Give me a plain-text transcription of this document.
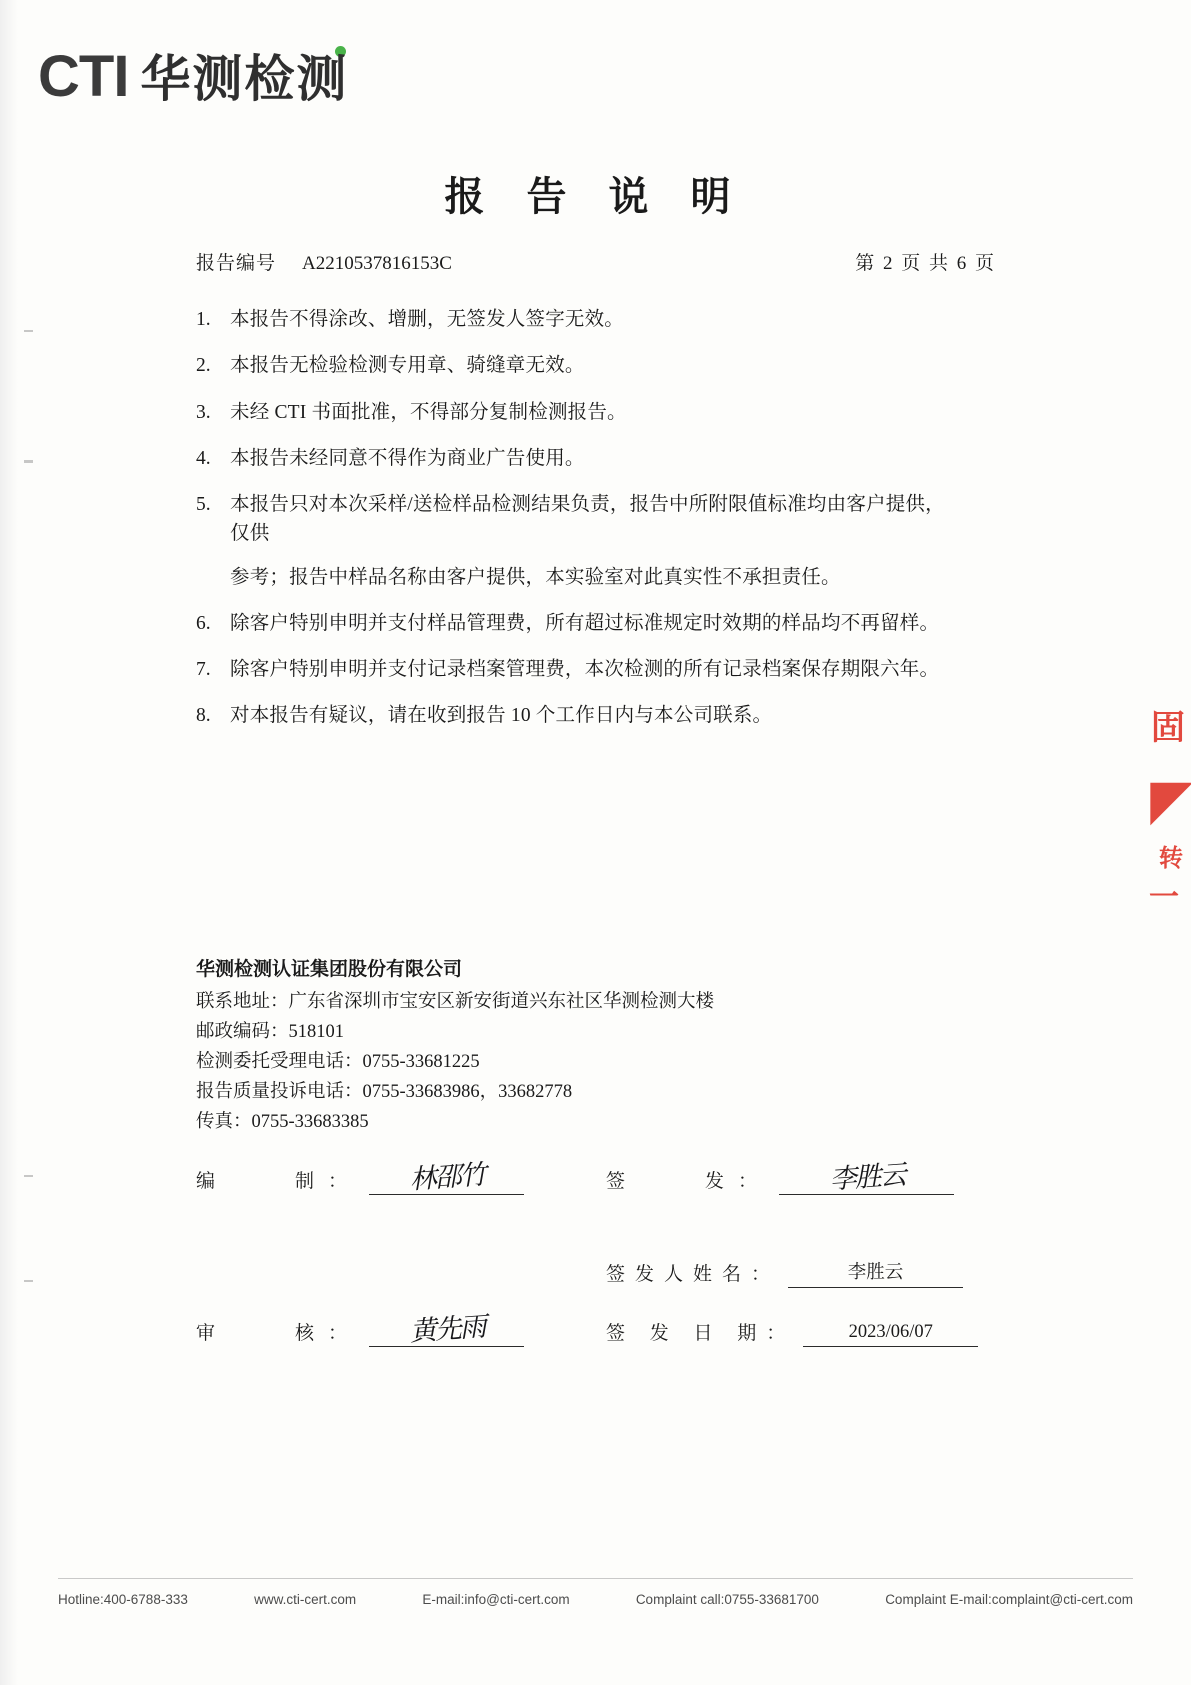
CTI 华测检测
报 告 说 明
报告编号 A2210537816153C	第 2 页 共 6 页
1. 本报告不得涂改、增删，无签发人签字无效。
2. 本报告无检验检测专用章、骑缝章无效。
3. 未经 CTI 书面批准，不得部分复制检测报告。
4. 本报告未经同意不得作为商业广告使用。
5. 本报告只对本次采样/送检样品检测结果负责，报告中所附限值标准均由客户提供，仅供
参考；报告中样品名称由客户提供，本实验室对此真实性不承担责任。
6. 除客户特别申明并支付样品管理费，所有超过标准规定时效期的样品均不再留样。
7. 除客户特别申明并支付记录档案管理费，本次检测的所有记录档案保存期限六年。
8. 对本报告有疑议，请在收到报告 10 个工作日内与本公司联系。	固
◤
转
一
华测检测认证集团股份有限公司
联系地址：广东省深圳市宝安区新安街道兴东社区华测检测大楼
邮政编码：518101
检测委托受理电话：0755-33681225
报告质量投诉电话：0755-33683986，33682778
传真：0755-33683385
编　　制： 林邵竹	签　　发： 李胜云
签发人姓名：	李胜云
审　　核： 黄先雨	签 发 日 期：	2023/06/07
Hotline:400-6788-333	www.cti-cert.com	E-mail:info@cti-cert.com	Complaint call:0755-33681700	Complaint E-mail:complaint@cti-cert.com
